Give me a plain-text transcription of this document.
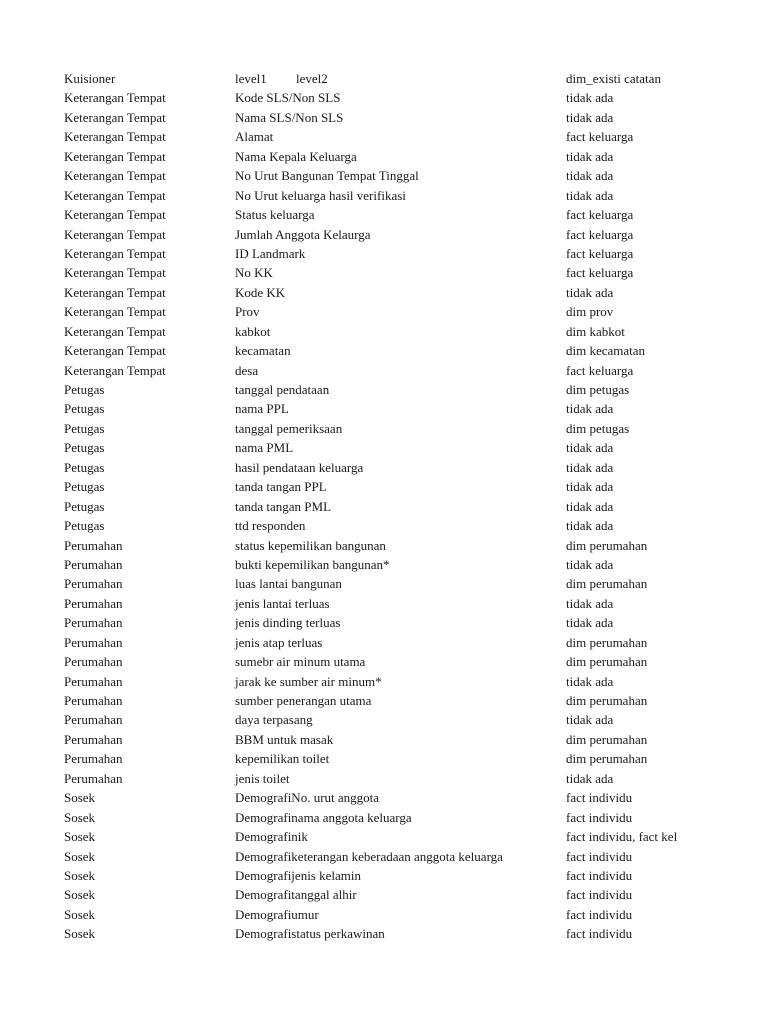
Kuisioner	level1 level2	dim_existi catatan
Keterangan Tempat	Kode SLS/Non SLS	tidak ada
Keterangan Tempat	Nama SLS/Non SLS	tidak ada
Keterangan Tempat	Alamat	fact keluarga
Keterangan Tempat	Nama Kepala Keluarga	tidak ada
Keterangan Tempat	No Urut Bangunan Tempat Tinggal	tidak ada
Keterangan Tempat	No Urut keluarga hasil verifikasi	tidak ada
Keterangan Tempat	Status keluarga	fact keluarga
Keterangan Tempat	Jumlah Anggota Kelaurga	fact keluarga
Keterangan Tempat	ID Landmark	fact keluarga
Keterangan Tempat	No KK	fact keluarga
Keterangan Tempat	Kode KK	tidak ada
Keterangan Tempat	Prov	dim prov
Keterangan Tempat	kabkot	dim kabkot
Keterangan Tempat	kecamatan	dim kecamatan
Keterangan Tempat	desa	fact keluarga
Petugas	tanggal pendataan	dim petugas
Petugas	nama PPL	tidak ada
Petugas	tanggal pemeriksaan	dim petugas
Petugas	nama PML	tidak ada
Petugas	hasil pendataan keluarga	tidak ada
Petugas	tanda tangan PPL	tidak ada
Petugas	tanda tangan PML	tidak ada
Petugas	ttd responden	tidak ada
Perumahan	status kepemilikan bangunan	dim perumahan
Perumahan	bukti kepemilikan bangunan*	tidak ada
Perumahan	luas lantai bangunan	dim perumahan
Perumahan	jenis lantai terluas	tidak ada
Perumahan	jenis dinding terluas	tidak ada
Perumahan	jenis atap terluas	dim perumahan
Perumahan	sumebr air minum utama	dim perumahan
Perumahan	jarak ke sumber air minum*	tidak ada
Perumahan	sumber penerangan utama	dim perumahan
Perumahan	daya terpasang	tidak ada
Perumahan	BBM untuk masak	dim perumahan
Perumahan	kepemilikan toilet	dim perumahan
Perumahan	jenis toilet	tidak ada
Sosek	DemografiNo. urut anggota	fact individu
Sosek	Demografinama anggota keluarga	fact individu
Sosek	Demografinik	fact individu, fact kel
Sosek	Demografiketerangan keberadaan anggota keluarga	fact individu
Sosek	Demografijenis kelamin	fact individu
Sosek	Demografitanggal alhir	fact individu
Sosek	Demografiumur	fact individu
Sosek	Demografistatus perkawinan	fact individu
